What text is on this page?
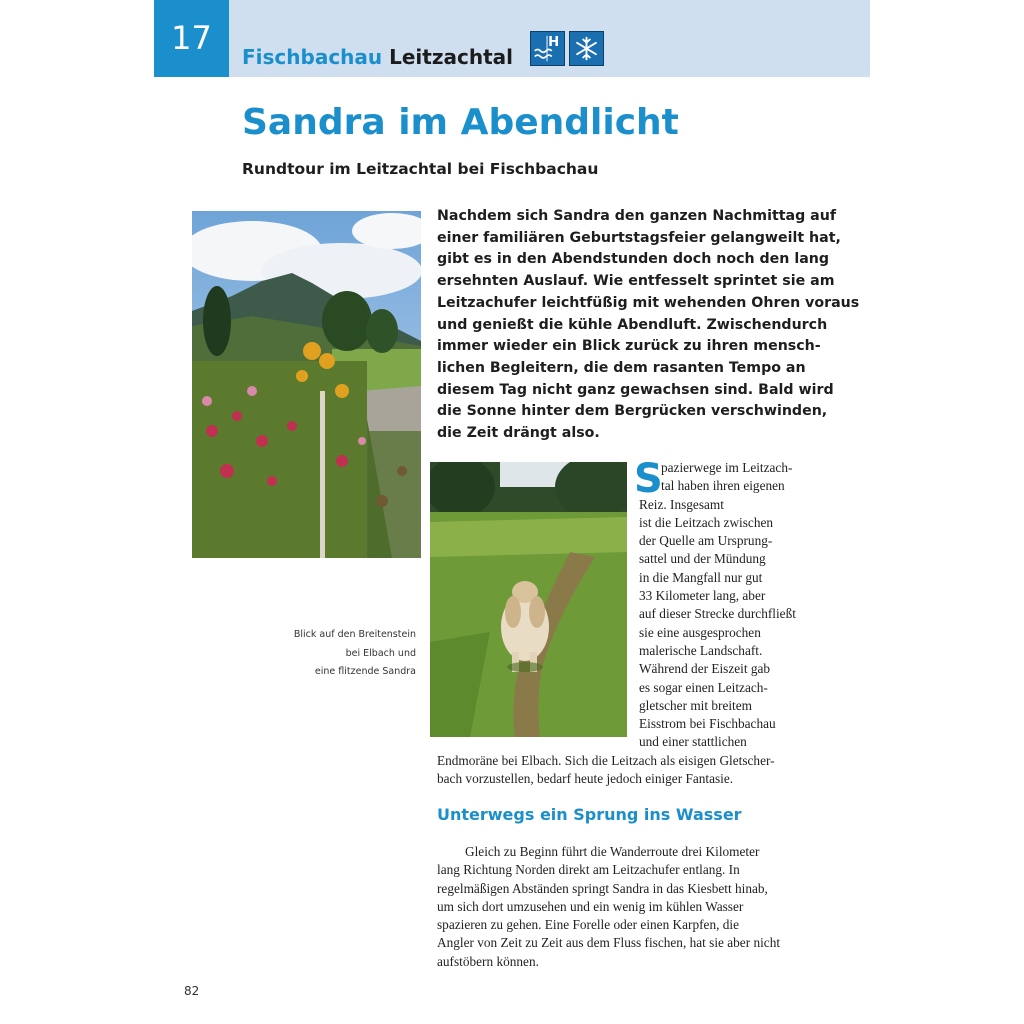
17	Fischbachau Leitzachtal
H
Sandra im Abendlicht
Rundtour im Leitzachtal bei Fischbachau
Nachdem sich Sandra den ganzen Nachmittag auf
einer familiären Geburtstagsfeier gelangweilt hat,
gibt es in den Abendstunden doch noch den lang
ersehnten Auslauf. Wie entfesselt sprintet sie am
Leitzachufer leichtfüßig mit wehenden Ohren voraus
und genießt die kühle Abendluft. Zwischendurch
immer wieder ein Blick zurück zu ihren mensch-
lichen Begleitern, die dem rasanten Tempo an
diesem Tag nicht ganz gewachsen sind. Bald wird
die Sonne hinter dem Bergrücken verschwinden,
die Zeit drängt also.
S
pazierwege im Leitzach-
tal haben ihren eigenen
Reiz. Insgesamt
ist die Leitzach zwischen
der Quelle am Ursprung-
sattel und der Mündung
in die Mangfall nur gut
33 Kilometer lang, aber
auf dieser Strecke durchfließt
sie eine ausgesprochen
malerische Landschaft.
Während der Eiszeit gab
es sogar einen Leitzach-
gletscher mit breitem
Eisstrom bei Fischbachau
und einer stattlichen
Endmoräne bei Elbach. Sich die Leitzach als eisigen Gletscher-
bach vorzustellen, bedarf heute jedoch einiger Fantasie.
Blick auf den Breitenstein
bei Elbach und
eine flitzende Sandra
Unterwegs ein Sprung ins Wasser
Gleich zu Beginn führt die Wanderroute drei Kilometer
lang Richtung Norden direkt am Leitzachufer entlang. In
regelmäßigen Abständen springt Sandra in das Kiesbett hinab,
um sich dort umzusehen und ein wenig im kühlen Wasser
spazieren zu gehen. Eine Forelle oder einen Karpfen, die
Angler von Zeit zu Zeit aus dem Fluss fischen, hat sie aber nicht
aufstöbern können.
82
